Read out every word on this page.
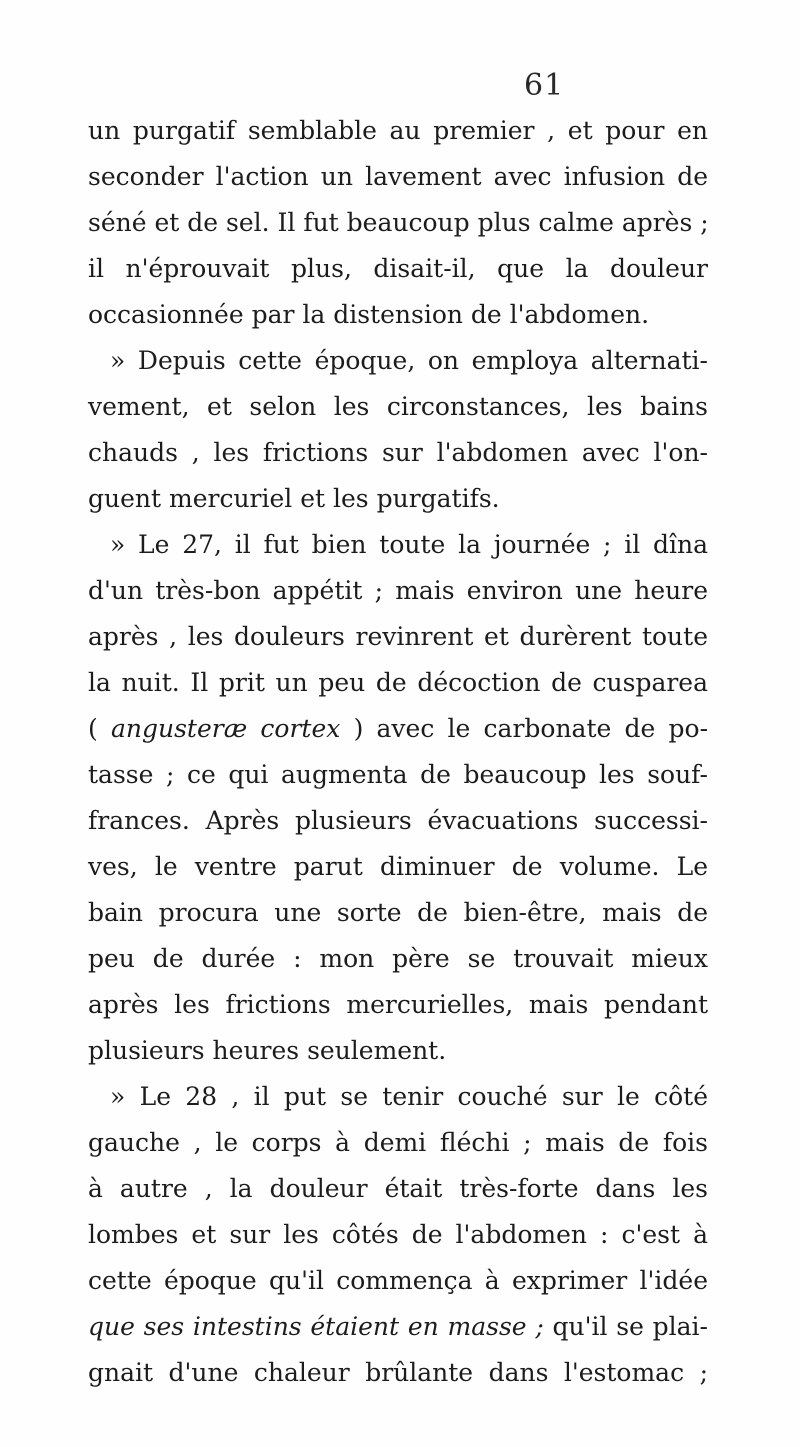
61
un purgatif semblable au premier , et pour en
seconder l'action un lavement avec infusion de
séné et de sel. Il fut beaucoup plus calme après ;
il n'éprouvait plus, disait-il, que la douleur
occasionnée par la distension de l'abdomen.
» Depuis cette époque, on employa alternati-
vement, et selon les circonstances, les bains
chauds , les frictions sur l'abdomen avec l'on-
guent mercuriel et les purgatifs.
» Le 27, il fut bien toute la journée ; il dîna
d'un très-bon appétit ; mais environ une heure
après , les douleurs revinrent et durèrent toute
la nuit. Il prit un peu de décoction de cusparea
( angusteræ cortex ) avec le carbonate de po-
tasse ; ce qui augmenta de beaucoup les souf-
frances. Après plusieurs évacuations successi-
ves, le ventre parut diminuer de volume. Le
bain procura une sorte de bien-être, mais de
peu de durée : mon père se trouvait mieux
après les frictions mercurielles, mais pendant
plusieurs heures seulement.
» Le 28 , il put se tenir couché sur le côté
gauche , le corps à demi fléchi ; mais de fois
à autre , la douleur était très-forte dans les
lombes et sur les côtés de l'abdomen : c'est à
cette époque qu'il commença à exprimer l'idée
que ses intestins étaient en masse ; qu'il se plai-
gnait d'une chaleur brûlante dans l'estomac ;
